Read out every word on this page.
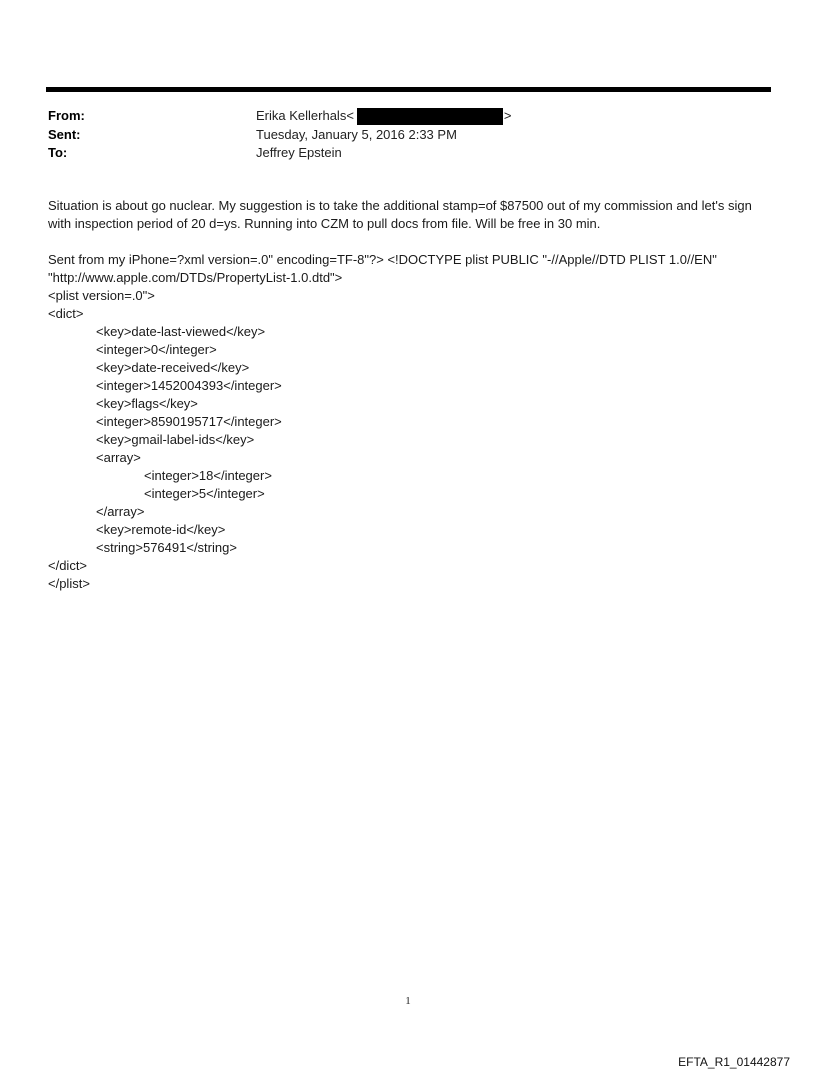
From:	Erika Kellerhals <	>
Sent:	Tuesday, January 5, 2016 2:33 PM
To:	Jeffrey Epstein

Situation is about go nuclear. My suggestion is to take the additional stamp=of $87500 out of my commission and let's sign with inspection period of 20 d=ys. Running into CZM to pull docs from file. Will be free in 30 min.

Sent from my iPhone=?xml version=.0" encoding=TF-8"?> <!DOCTYPE plist PUBLIC "-//Apple//DTD PLIST 1.0//EN"

"http://www.apple.com/DTDs/PropertyList-1.0.dtd">

<plist version=.0">
<dict>
<key>date-last-viewed</key>
<integer>0</integer>
<key>date-received</key>
<integer>1452004393</integer>
<key>flags</key>
<integer>8590195717</integer>
<key>gmail-label-ids</key>
<array>
<integer>18</integer>
<integer>5</integer>
</array>
<key>remote-id</key>
<string>576491</string>
</dict>
</plist>
1
EFTA_R1_01442877
